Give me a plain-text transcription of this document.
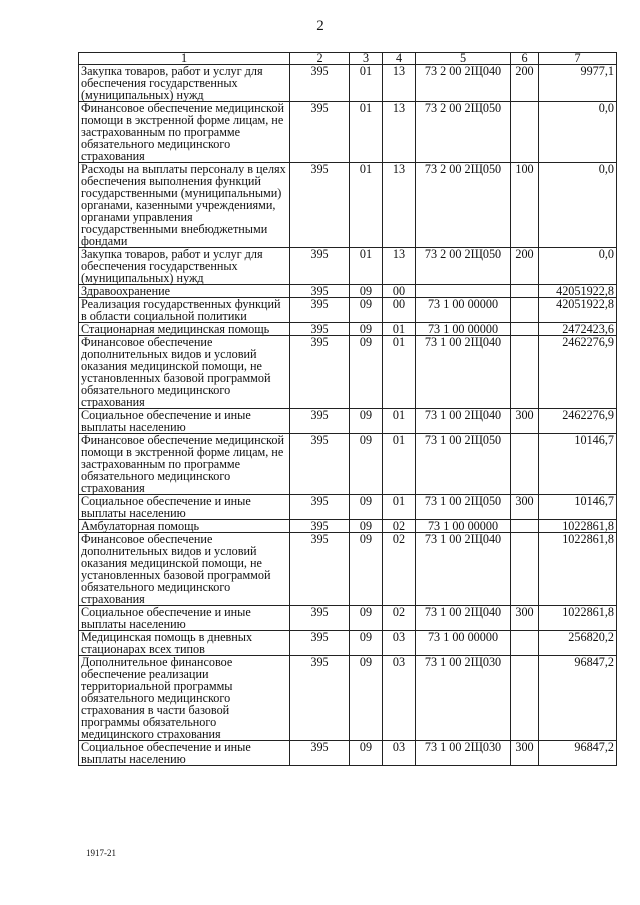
2
1	2	3	4	5	6	7
Закупка товаров, работ и услуг для обеспечения государственных (муниципальных) нужд	395	01	13	73 2 00 2Щ040	200	9977,1
Финансовое обеспечение медицинской помощи в экстренной форме лицам, не застрахованным по программе обязательного медицинского страхования	395	01	13	73 2 00 2Щ050		0,0
Расходы на выплаты персоналу в целях обеспечения выполнения функций государственными (муниципальными) органами, казенными учреждениями, органами управления государственными внебюджетными фондами	395	01	13	73 2 00 2Щ050	100	0,0
Закупка товаров, работ и услуг для обеспечения государственных (муниципальных) нужд	395	01	13	73 2 00 2Щ050	200	0,0
Здравоохранение	395	09	00			42051922,8
Реализация государственных функций в области социальной политики	395	09	00	73 1 00 00000		42051922,8
Стационарная медицинская помощь	395	09	01	73 1 00 00000		2472423,6
Финансовое обеспечение дополнительных видов и условий оказания медицинской помощи, не установленных базовой программой обязательного медицинского страхования	395	09	01	73 1 00 2Щ040		2462276,9
Социальное обеспечение и иные выплаты населению	395	09	01	73 1 00 2Щ040	300	2462276,9
Финансовое обеспечение медицинской помощи в экстренной форме лицам, не застрахованным по программе обязательного медицинского страхования	395	09	01	73 1 00 2Щ050		10146,7
Социальное обеспечение и иные выплаты населению	395	09	01	73 1 00 2Щ050	300	10146,7
Амбулаторная помощь	395	09	02	73 1 00 00000		1022861,8
Финансовое обеспечение дополнительных видов и условий оказания медицинской помощи, не установленных базовой программой обязательного медицинского страхования	395	09	02	73 1 00 2Щ040		1022861,8
Социальное обеспечение и иные выплаты населению	395	09	02	73 1 00 2Щ040	300	1022861,8
Медицинская помощь в дневных стационарах всех типов	395	09	03	73 1 00 00000		256820,2
Дополнительное финансовое обеспечение реализации территориальной программы обязательного медицинского страхования в части базовой программы обязательного медицинского страхования	395	09	03	73 1 00 2Щ030		96847,2
Социальное обеспечение и иные выплаты населению	395	09	03	73 1 00 2Щ030	300	96847,2
1917-21
